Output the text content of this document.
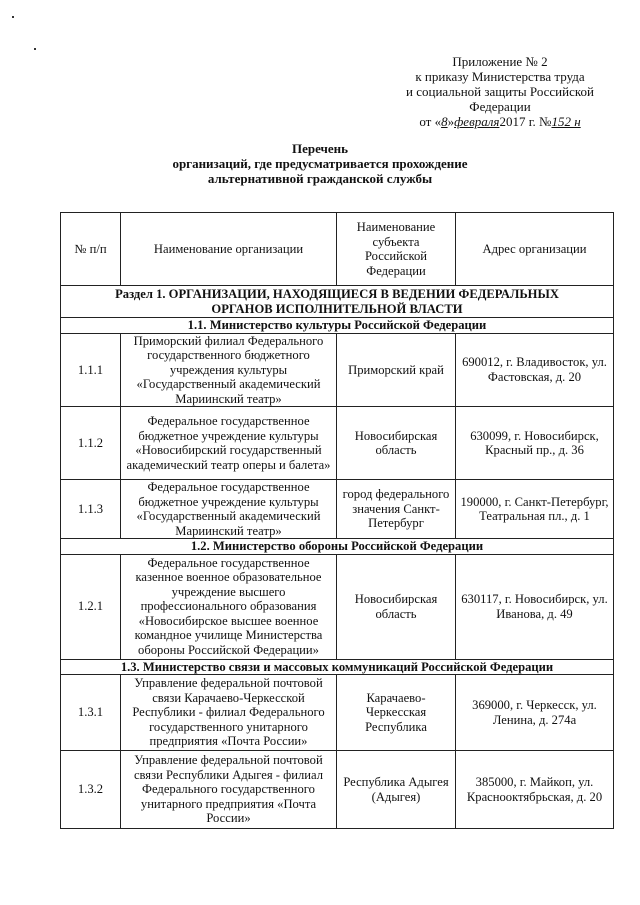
Приложение № 2
к приказу Министерства труда
и социальной защиты Российской
Федерации
от «8»февраля2017 г. №152 н
Перечень
организаций, где предусматривается прохождение
альтернативной гражданской службы
№ п/п	Наименование организации	Наименование субъекта Российской Федерации	Адрес организации
Раздел 1. ОРГАНИЗАЦИИ, НАХОДЯЩИЕСЯ В ВЕДЕНИИ ФЕДЕРАЛЬНЫХ ОРГАНОВ ИСПОЛНИТЕЛЬНОЙ ВЛАСТИ			
1.1. Министерство культуры Российской Федерации			
1.1.1	Приморский филиал Федерального государственного бюджетного учреждения культуры «Государственный академический Мариинский театр»	Приморский край	690012, г. Владивосток, ул. Фастовская, д. 20
1.1.2	Федеральное государственное бюджетное учреждение культуры «Новосибирский государственный академический театр оперы и балета»	Новосибирская область	630099, г. Новосибирск, Красный пр., д. 36
1.1.3	Федеральное государственное бюджетное учреждение культуры «Государственный академический Мариинский театр»	город федерального значения Санкт-Петербург	190000, г. Санкт-Петербург, Театральная пл., д. 1
1.2. Министерство обороны Российской Федерации			
1.2.1	Федеральное государственное казенное военное образовательное учреждение высшего профессионального образования «Новосибирское высшее военное командное училище Министерства обороны Российской Федерации»	Новосибирская область	630117, г. Новосибирск, ул. Иванова, д. 49
1.3. Министерство связи и массовых коммуникаций Российской Федерации			
1.3.1	Управление федеральной почтовой связи Карачаево-Черкесской Республики - филиал Федерального государственного унитарного предприятия «Почта России»	Карачаево-Черкесская Республика	369000, г. Черкесск, ул. Ленина, д. 274а
1.3.2	Управление федеральной почтовой связи Республики Адыгея - филиал Федерального государственного унитарного предприятия «Почта России»	Республика Адыгея (Адыгея)	385000, г. Майкоп, ул. Краснооктябрьская, д. 20
